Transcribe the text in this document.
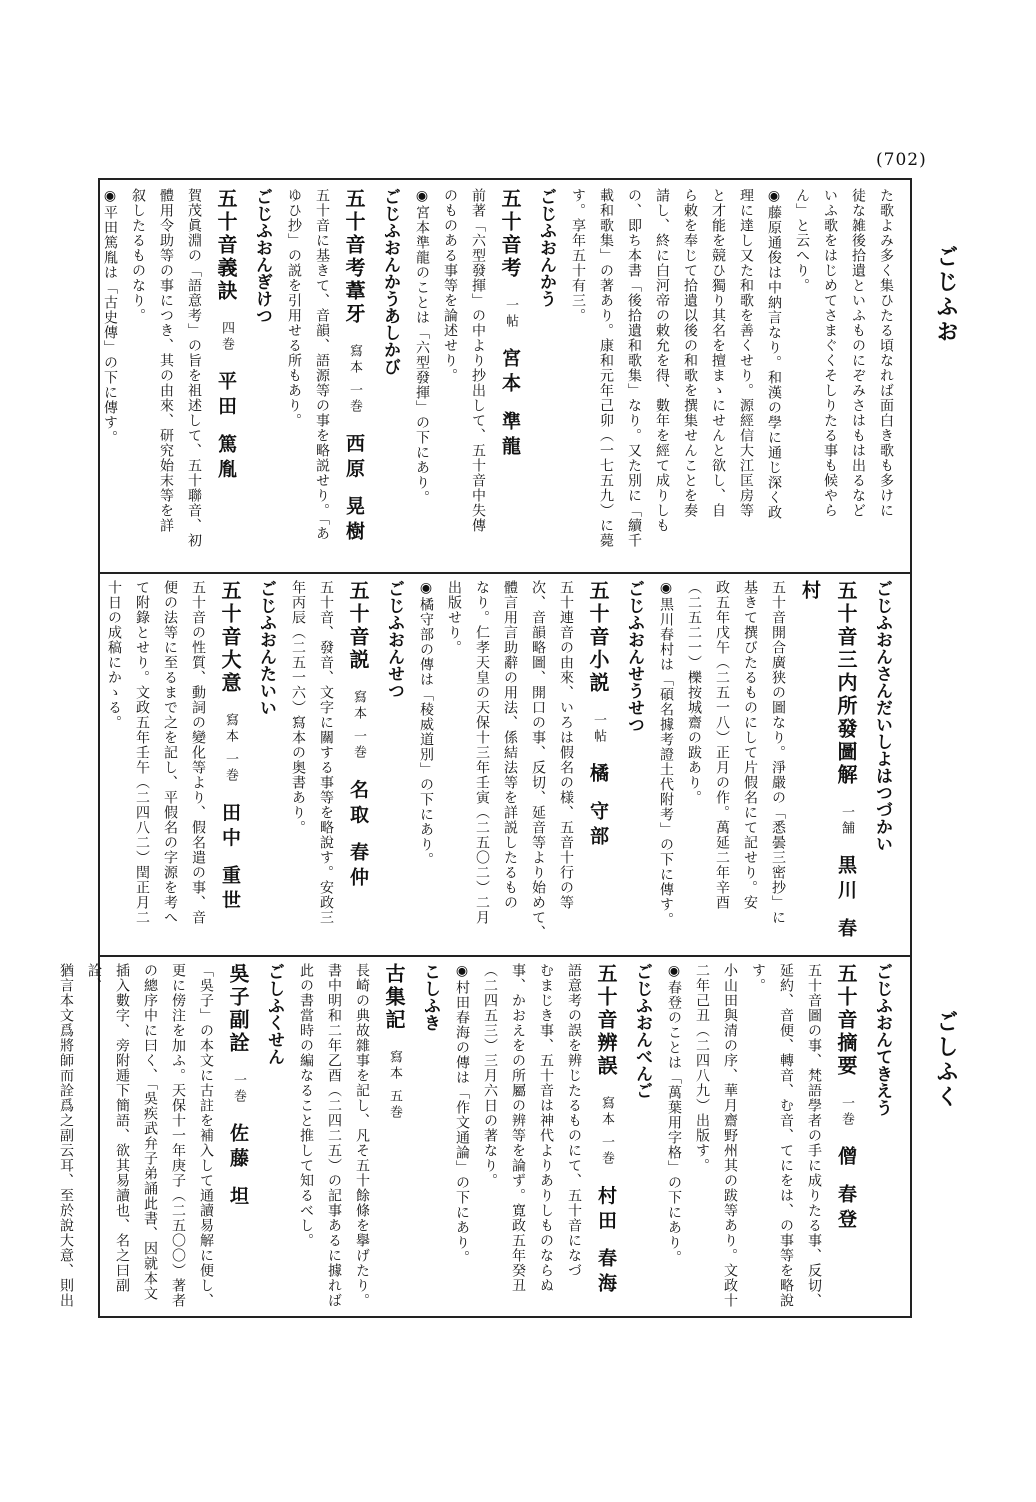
(702)
ごじふお
ごしふく
た歌よみ多く集ひたる頃なれば面白き歌も多けに
徒な雑後拾遺といふものにぞみさはもは出るなど
いふ歌をはじめてさまぐくそしりたる事も候やら
ん」と云へり。
◉藤原通俊は中納言なり。和漢の學に通じ深く政
理に達し又た和歌を善くせり。源經信大江匡房等
と才能を競ひ獨り其名を擅まゝにせんと欲し、自
ら敕を奉じて拾遺以後の和歌を撰集せんことを奏
請し、終に白河帝の敕允を得、數年を經て成りしも
の、即ち本書「後拾遺和歌集」なり。又た別に「續千
載和歌集」の著あり。康和元年己卯（一七五九）に薨
す。享年五十有三。
ごじふおんかう
五十音考一帖宮本 準龍
前著「六型發揮」の中より抄出して、五十音中失傳
のものある事等を論述せり。
◉宮本準龍のことは「六型發揮」の下にあり。
ごじふおんかうあしかび
五十音考葦牙寫本 一巻西原 晃樹
五十音に基きて、音韻、語源等の事を略説せり。「あ
ゆひ抄」の説を引用せる所もあり。
ごじふおんぎけつ
五十音義訣四巻平田 篤胤
賀茂眞淵の「語意考」の旨を祖述して、五十聯音、初
體用令助等の事につき、其の由來、研究始末等を詳
叙したるものなり。
◉平田篤胤は「古史傳」の下に傳す。
ごじふおんさんだいしよはつづかい
五十音三内所發圖解一舗黒川 春村
五十音開合廣狭の圖なり。淨嚴の「悉曇三密抄」に
基きて撰びたるものにして片假名にて記せり。安
政五年戊午（二五一八）正月の作。萬延二年辛酉
（二五二一）櫟按城齋の跋あり。
◉黒川春村は「碩名據考證土代附考」の下に傳す。
ごじふおんせうせつ
五十音小説一帖橘 守部
五十連音の由來、いろは假名の様、五音十行の等
次、音韻略圖、開口の事、反切、延音等より始めて、
體言用言助辭の用法、係結法等を詳説したるもの
なり。仁孝天皇の天保十三年壬寅（二五〇二）二月
出版せり。
◉橘守部の傳は「稜威道別」の下にあり。
ごじふおんせつ
五十音説寫本 一巻名取 春仲
五十音、發音、文字に關する事等を略說す。安政三
年丙辰（二五一六）寫本の奥書あり。
ごじふおんたいい
五十音大意寫本 一巻田中 重世
五十音の性質、動詞の變化等より、假名遣の事、音
便の法等に至るまで之を記し、平假名の字源を考へ
て附錄とせり。文政五年壬午（二四八二）閏正月二
十日の成稿にかゝる。
ごじふおんてきえう
五十音摘要一巻僧 春登
五十音圖の事、梵語學者の手に成りたる事、反切、
延約、音便、轉音、む音、てにをは、の事等を略說す。
小山田與清の序、華月齋野州其の跋等あり。文政十
二年己丑（二四八九）出版す。
◉春登のことは「萬葉用字格」の下にあり。
ごじふおんべんご
五十音辨誤寫本 一巻村田 春海
語意考の誤を辨じたるものにて、五十音になづ
むまじき事、五十音は神代よりありしものならぬ
事、かおえをの所屬の辨等を論ず。寛政五年癸丑
（二四五三）三月六日の著なり。
◉村田春海の傳は「作文通論」の下にあり。
こしふき
古集記寫本 五巻
長崎の典故雜事を記し、凡そ五十餘條を擧げたり。
書中明和二年乙酉（二四二五）の記事あるに據れば
此の書當時の編なること推して知るべし。
ごしふくせん
吳子副詮一巻佐藤 坦
「吳子」の本文に古註を補入して通讀易解に便し、
更に傍注を加ふ。天保十一年庚子（二五〇〇）著者
の總序中に曰く、「吳疾武弁子弟誦此書、因就本文
插入數字、旁附逓下簡語、欲其易讀也、名之曰副詮、
猶言本文爲將師而詮爲之副云耳、至於說大意、則出
